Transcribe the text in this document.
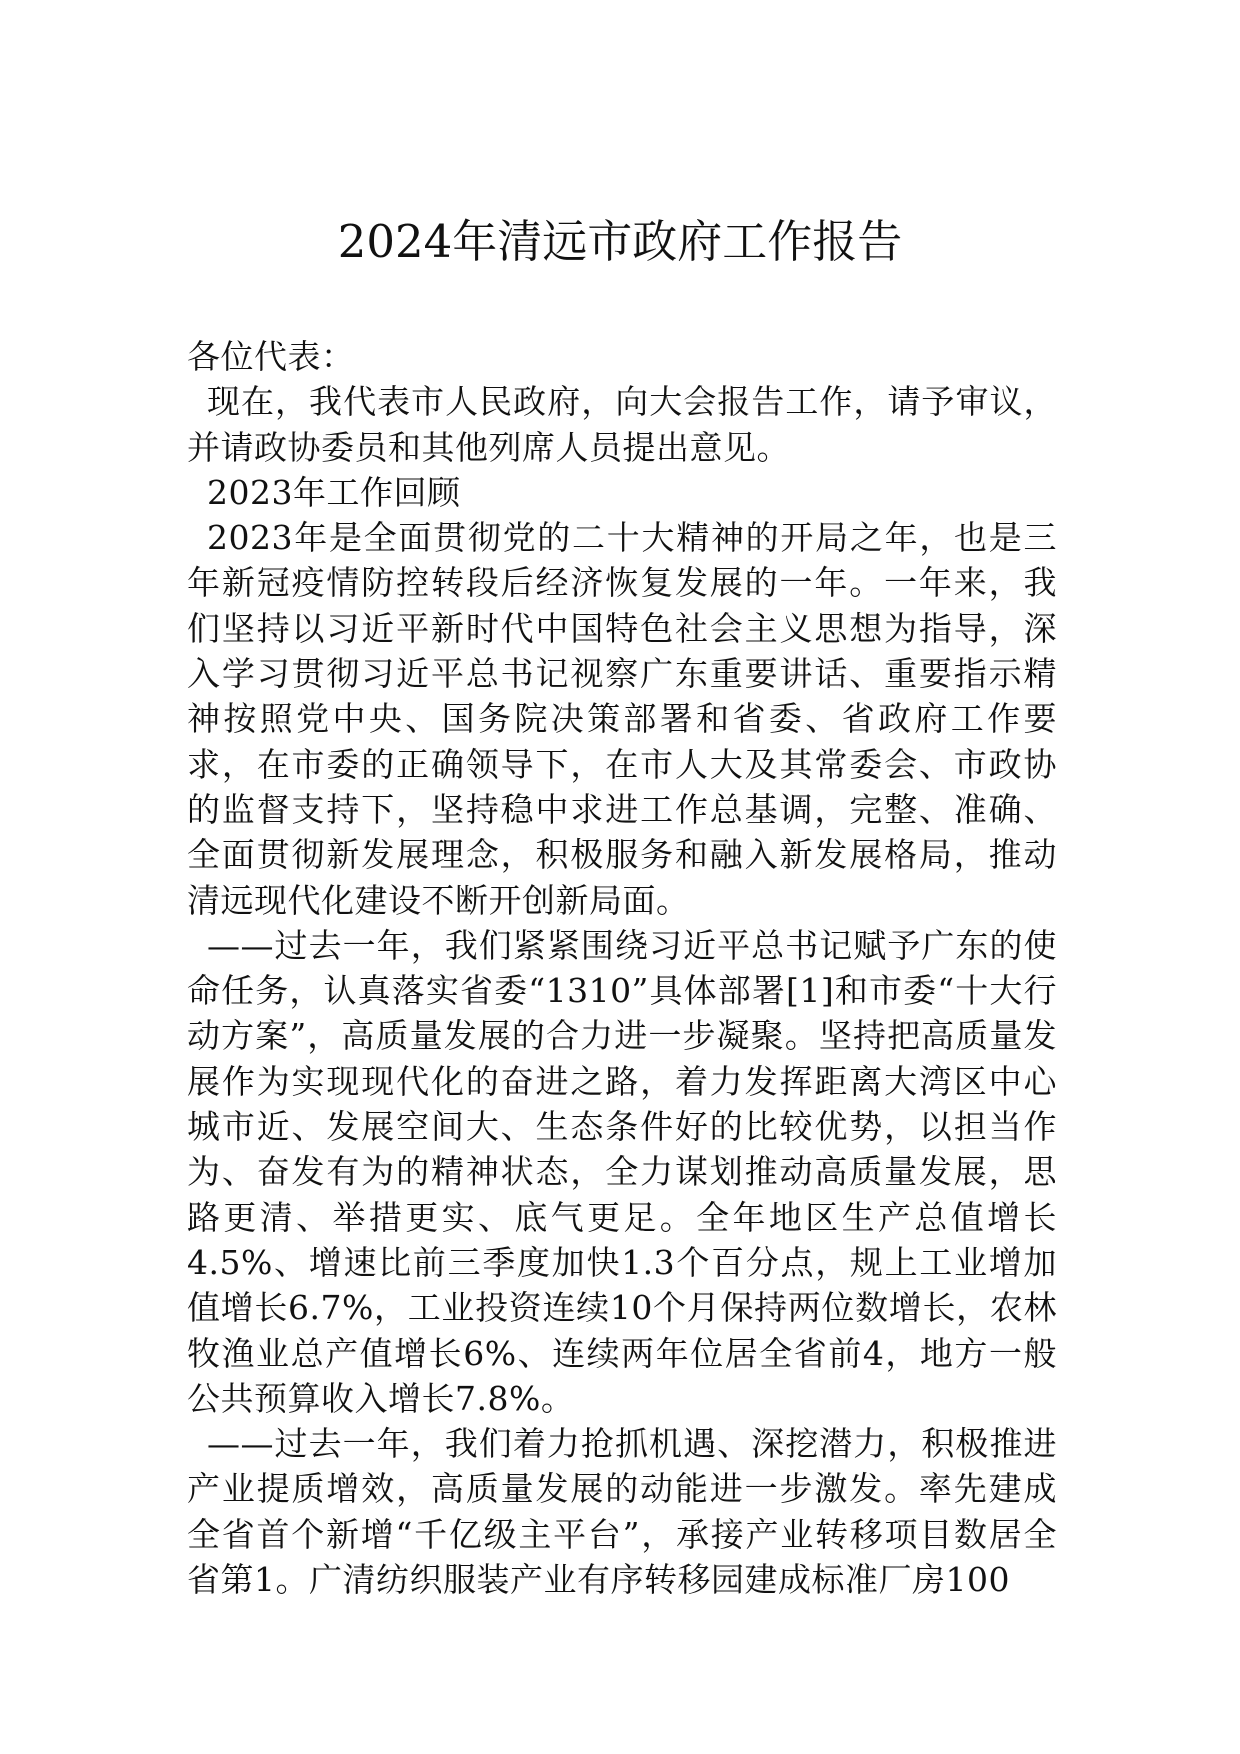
2024年清远市政府工作报告

各位代表：

现在，我代表市人民政府，向大会报告工作，请予审议，并请政协委员和其他列席人员提出意见。

2023年工作回顾

2023年是全面贯彻党的二十大精神的开局之年，也是三年新冠疫情防控转段后经济恢复发展的一年。一年来，我们坚持以习近平新时代中国特色社会主义思想为指导，深入学习贯彻习近平总书记视察广东重要讲话、重要指示精神按照党中央、国务院决策部署和省委、省政府工作要求，在市委的正确领导下，在市人大及其常委会、市政协的监督支持下，坚持稳中求进工作总基调，完整、准确、全面贯彻新发展理念，积极服务和融入新发展格局，推动清远现代化建设不断开创新局面。

——过去一年，我们紧紧围绕习近平总书记赋予广东的使命任务，认真落实省委“1310”具体部署[1]和市委“十大行动方案”，高质量发展的合力进一步凝聚。坚持把高质量发展作为实现现代化的奋进之路，着力发挥距离大湾区中心城市近、发展空间大、生态条件好的比较优势，以担当作为、奋发有为的精神状态，全力谋划推动高质量发展，思路更清、举措更实、底气更足。全年地区生产总值增长4.5%、增速比前三季度加快1.3个百分点，规上工业增加值增长6.7%，工业投资连续10个月保持两位数增长，农林牧渔业总产值增长6%、连续两年位居全省前4，地方一般公共预算收入增长7.8%。

——过去一年，我们着力抢抓机遇、深挖潜力，积极推进产业提质增效，高质量发展的动能进一步激发。率先建成全省首个新增“千亿级主平台”，承接产业转移项目数居全省第1。广清纺织服装产业有序转移园建成标准厂房100
